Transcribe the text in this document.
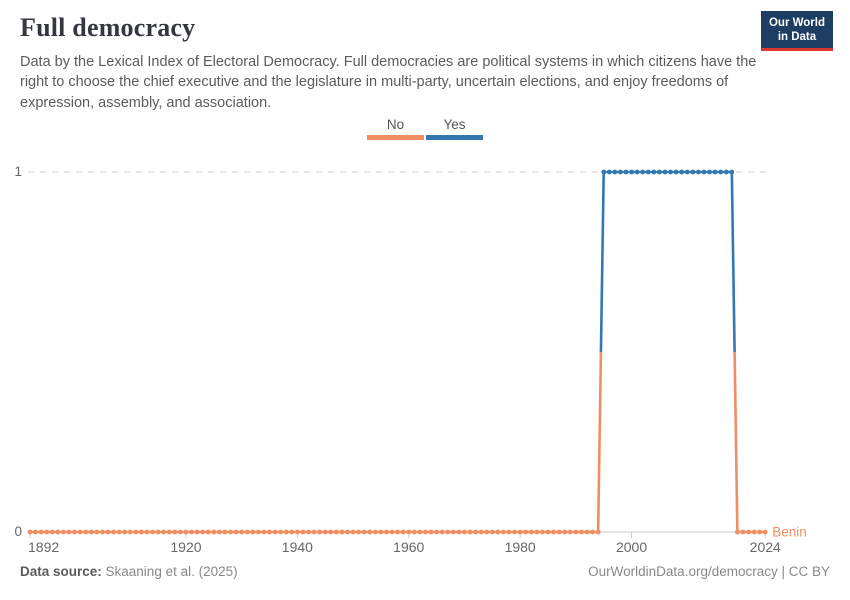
Full democracy	Our World
in Data
Data by the Lexical Index of Electoral Democracy. Full democracies are political systems in which citizens have the right to choose the chief executive and the legislature in multi-party, uncertain elections, and enjoy freedoms of expression, assembly, and association.
No	Yes
0
1
1892	1920	1940	1960	1980	2000	2024
Benin
Data source: Skaaning et al. (2025)	OurWorldinData.org/democracy | CC BY
